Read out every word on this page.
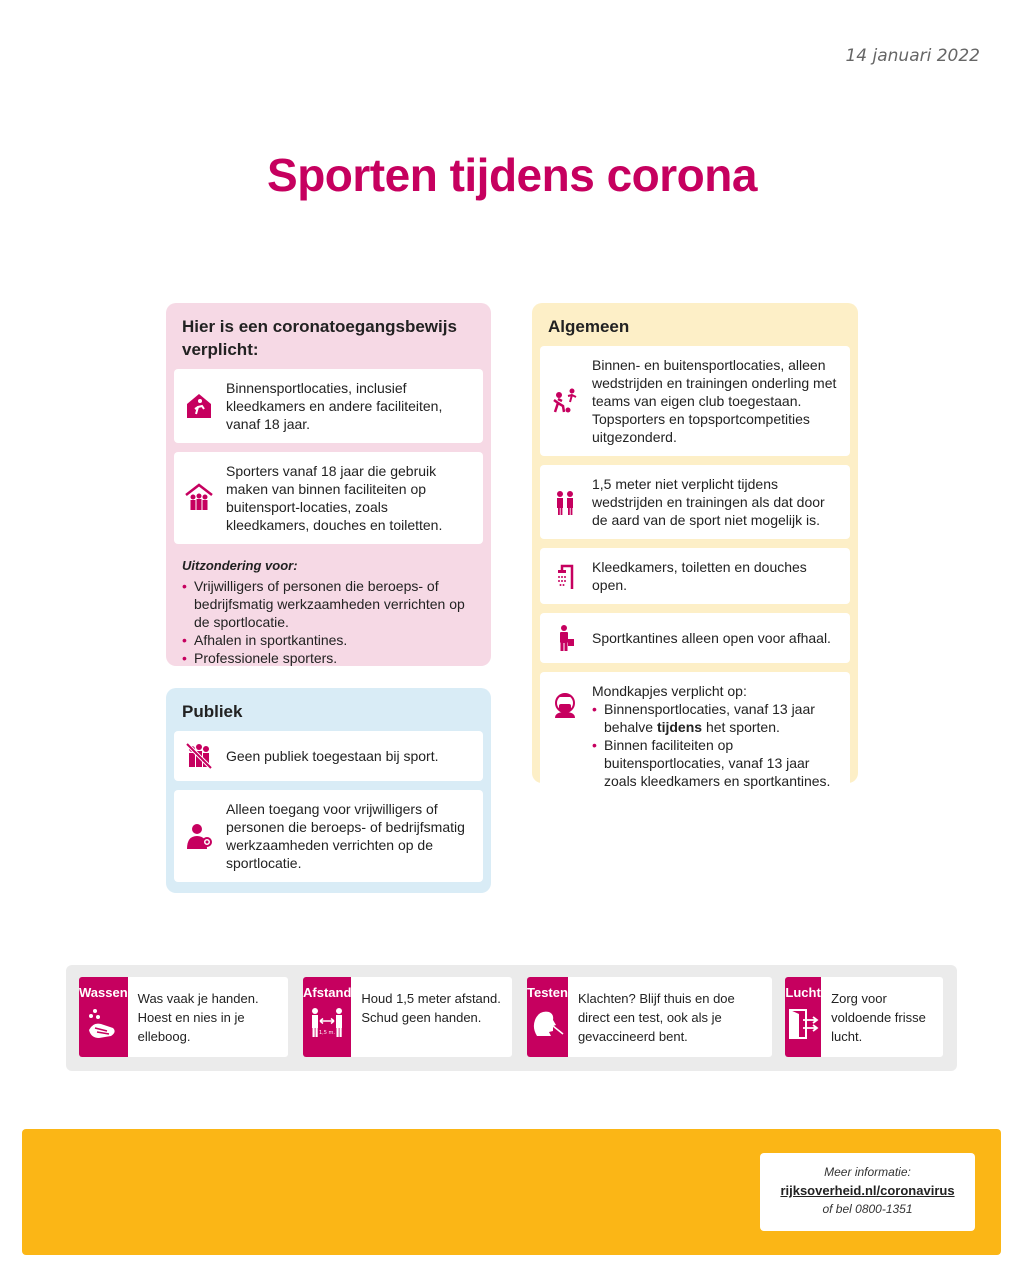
14 januari 2022
Sporten tijdens corona
Hier is een coronatoegangsbewijs verplicht:
Binnensportlocaties, inclusief kleedkamers en andere faciliteiten, vanaf 18 jaar.
Sporters vanaf 18 jaar die gebruik maken van binnen faciliteiten op buitensport-locaties, zoals kleedkamers, douches en toiletten.
Uitzondering voor:
• Vrijwilligers of personen die beroeps- of bedrijfsmatig werkzaamheden verrichten op de sportlocatie.
• Afhalen in sportkantines.
• Professionele sporters.
Publiek
Geen publiek toegestaan bij sport.
Alleen toegang voor vrijwilligers of personen die beroeps- of bedrijfsmatig werkzaamheden verrichten op de sportlocatie.
Algemeen
Binnen- en buitensportlocaties, alleen wedstrijden en trainingen onderling met teams van eigen club toegestaan. Topsporters en topsportcompetities uitgezonderd.
1,5 meter niet verplicht tijdens wedstrijden en trainingen als dat door de aard van de sport niet mogelijk is.
Kleedkamers, toiletten en douches open.
Sportkantines alleen open voor afhaal.
Mondkapjes verplicht op:
• Binnensportlocaties, vanaf 13 jaar behalve tijdens het sporten.
• Binnen faciliteiten op buitensportlocaties, vanaf 13 jaar zoals kleedkamers en sportkantines.
Wassen Was vaak je handen. Hoest en nies in je elleboog.
Afstand
1,5 m.
Houd 1,5 meter afstand. Schud geen handen.
Testen Klachten? Blijf thuis en doe direct een test, ook als je gevaccineerd bent.
Lucht Zorg voor voldoende frisse lucht.
Meer informatie:
rijksoverheid.nl/coronavirus
of bel 0800-1351
